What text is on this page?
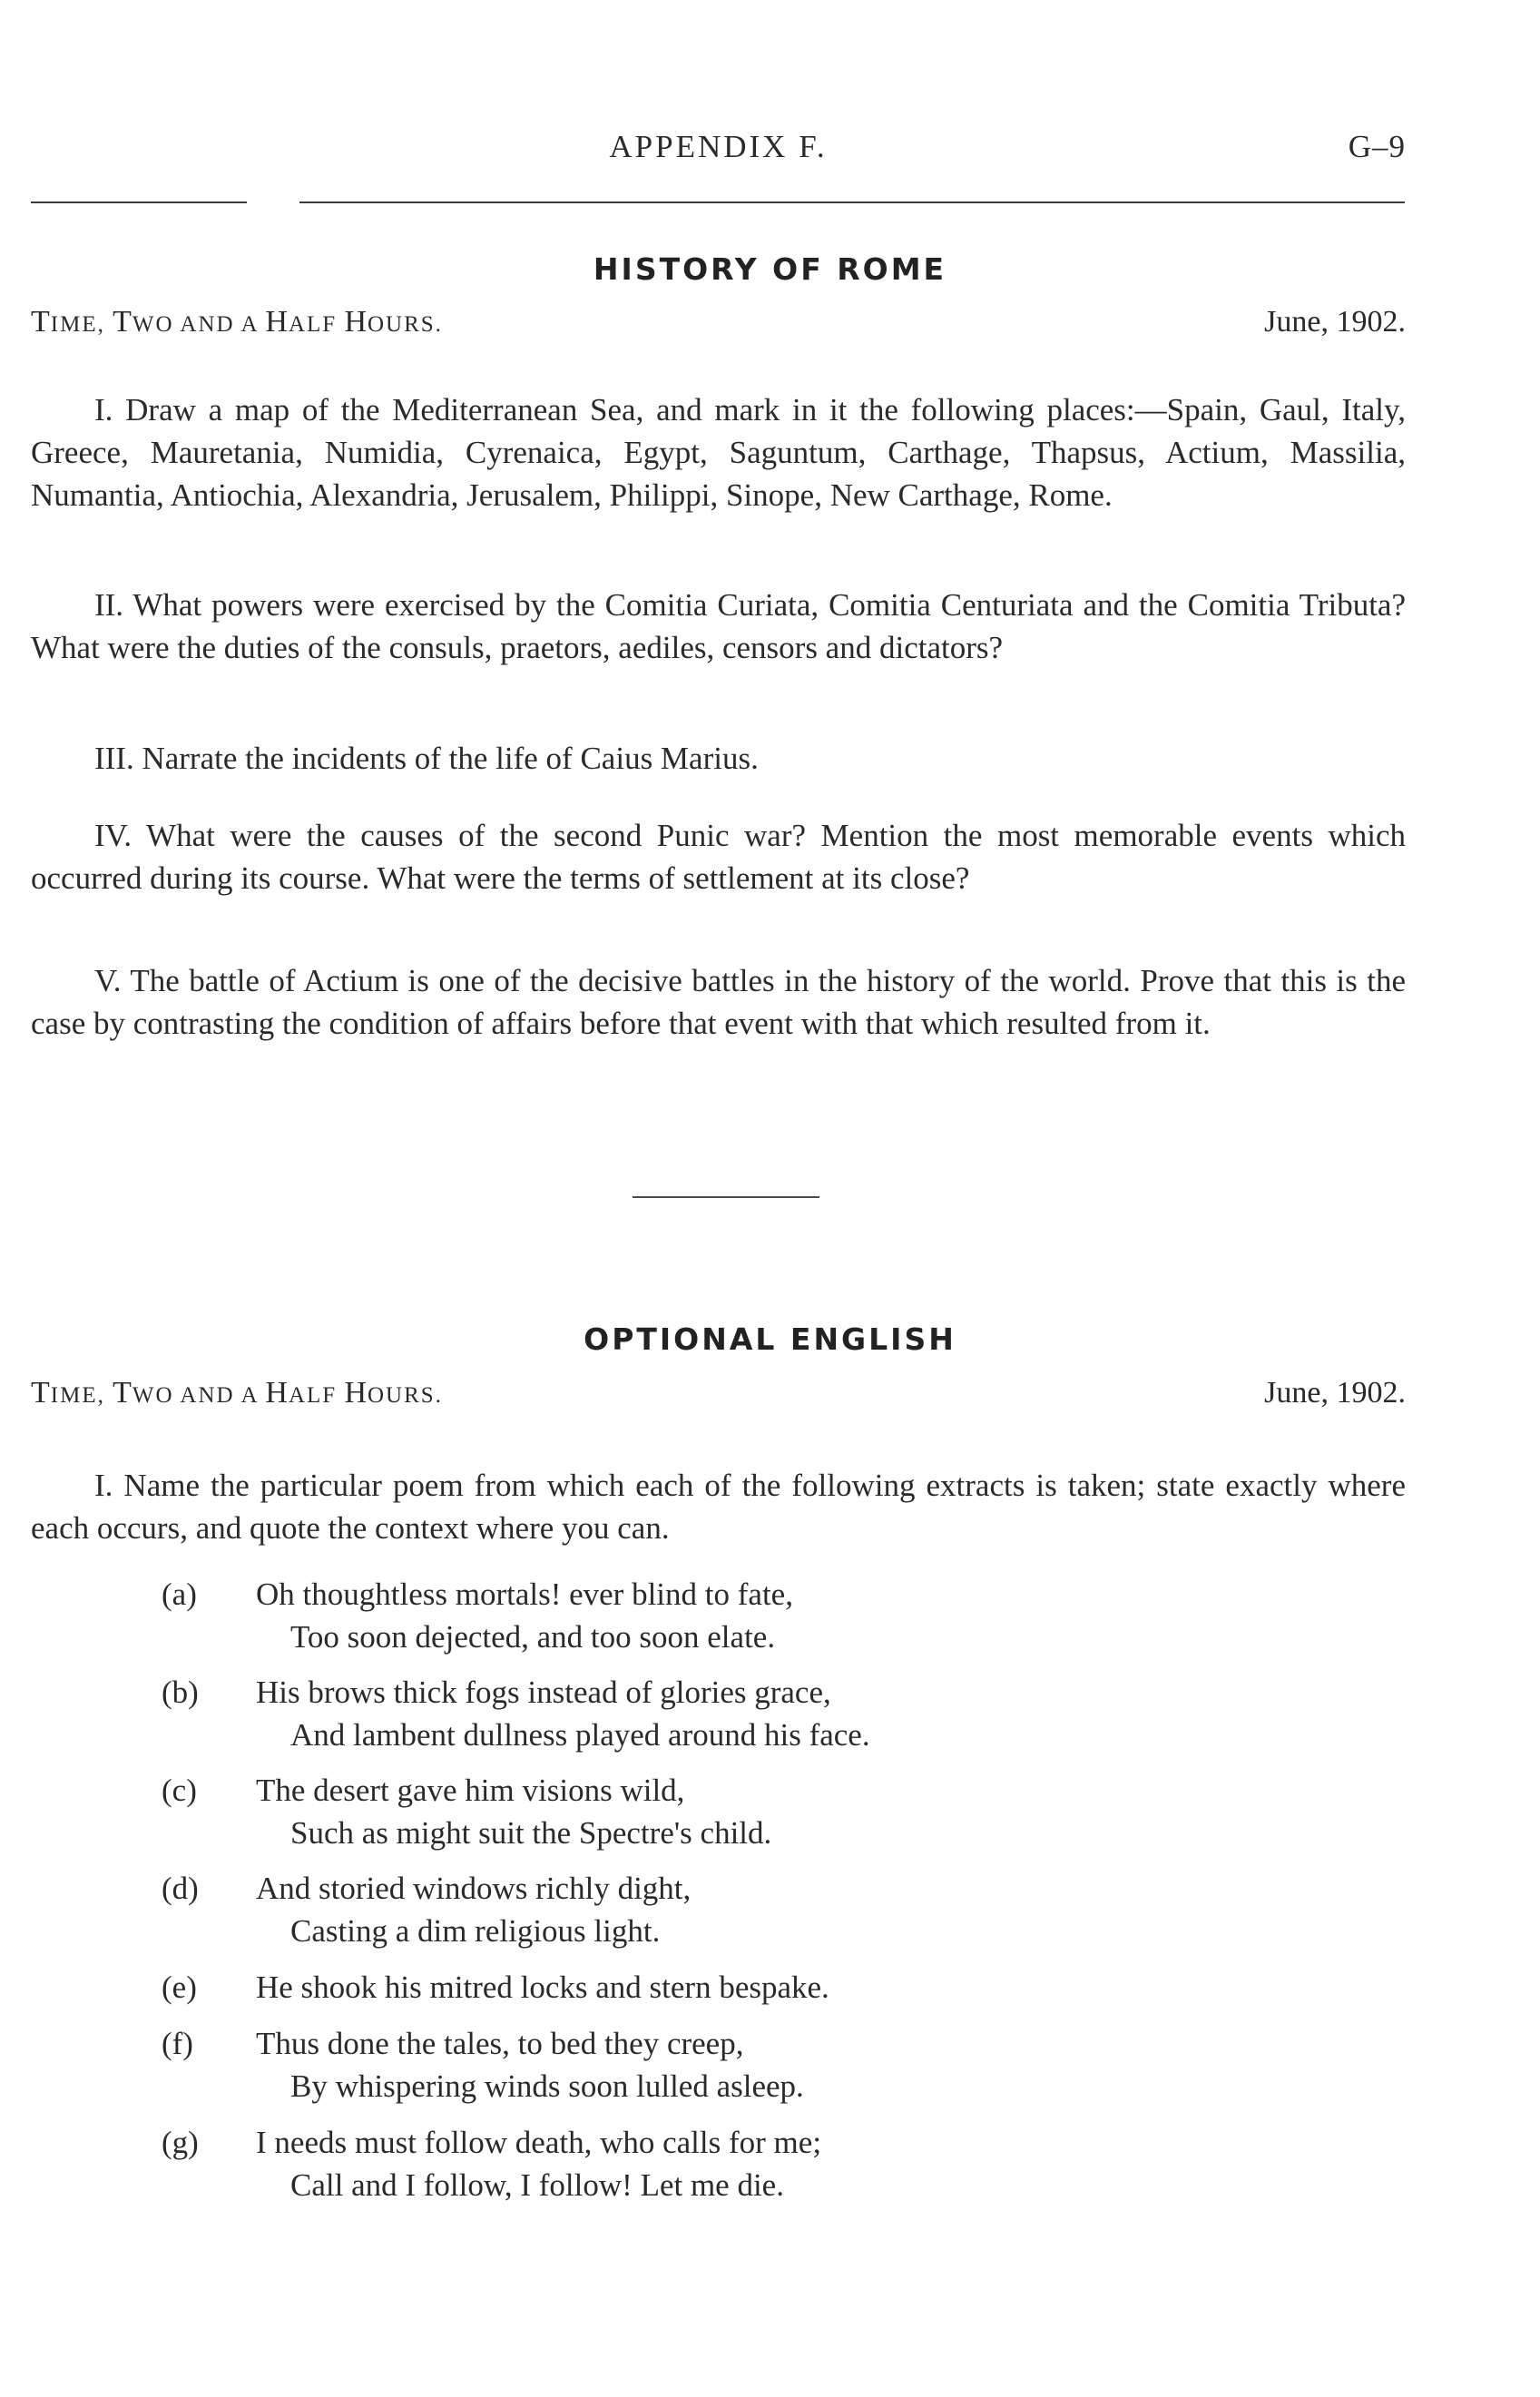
APPENDIX F.	G–9
HISTORY OF ROME
TIME, TWO AND A HALF HOURS.	June, 1902.
I. Draw a map of the Mediterranean Sea, and mark in it the following places:—Spain, Gaul, Italy, Greece, Mauretania, Numidia, Cyrenaica, Egypt, Saguntum, Carthage, Thapsus, Actium, Massilia, Numantia, Antiochia, Alexandria, Jerusalem, Philippi, Sinope, New Carthage, Rome.
II. What powers were exercised by the Comitia Curiata, Comitia Centuriata and the Comitia Tributa? What were the duties of the consuls, praetors, aediles, censors and dictators?
III. Narrate the incidents of the life of Caius Marius.
IV. What were the causes of the second Punic war? Mention the most memorable events which occurred during its course. What were the terms of settlement at its close?
V. The battle of Actium is one of the decisive battles in the history of the world. Prove that this is the case by contrasting the condition of affairs before that event with that which resulted from it.
OPTIONAL ENGLISH
TIME, TWO AND A HALF HOURS.	June, 1902.
I. Name the particular poem from which each of the following extracts is taken; state exactly where each occurs, and quote the context where you can.
(a)	Oh thoughtless mortals! ever blind to fate,
Too soon dejected, and too soon elate.
(b)	His brows thick fogs instead of glories grace,
And lambent dullness played around his face.
(c)	The desert gave him visions wild,
Such as might suit the Spectre's child.
(d)	And storied windows richly dight,
Casting a dim religious light.
(e)	He shook his mitred locks and stern bespake.
(f)	Thus done the tales, to bed they creep,
By whispering winds soon lulled asleep.
(g)	I needs must follow death, who calls for me;
Call and I follow, I follow! Let me die.
